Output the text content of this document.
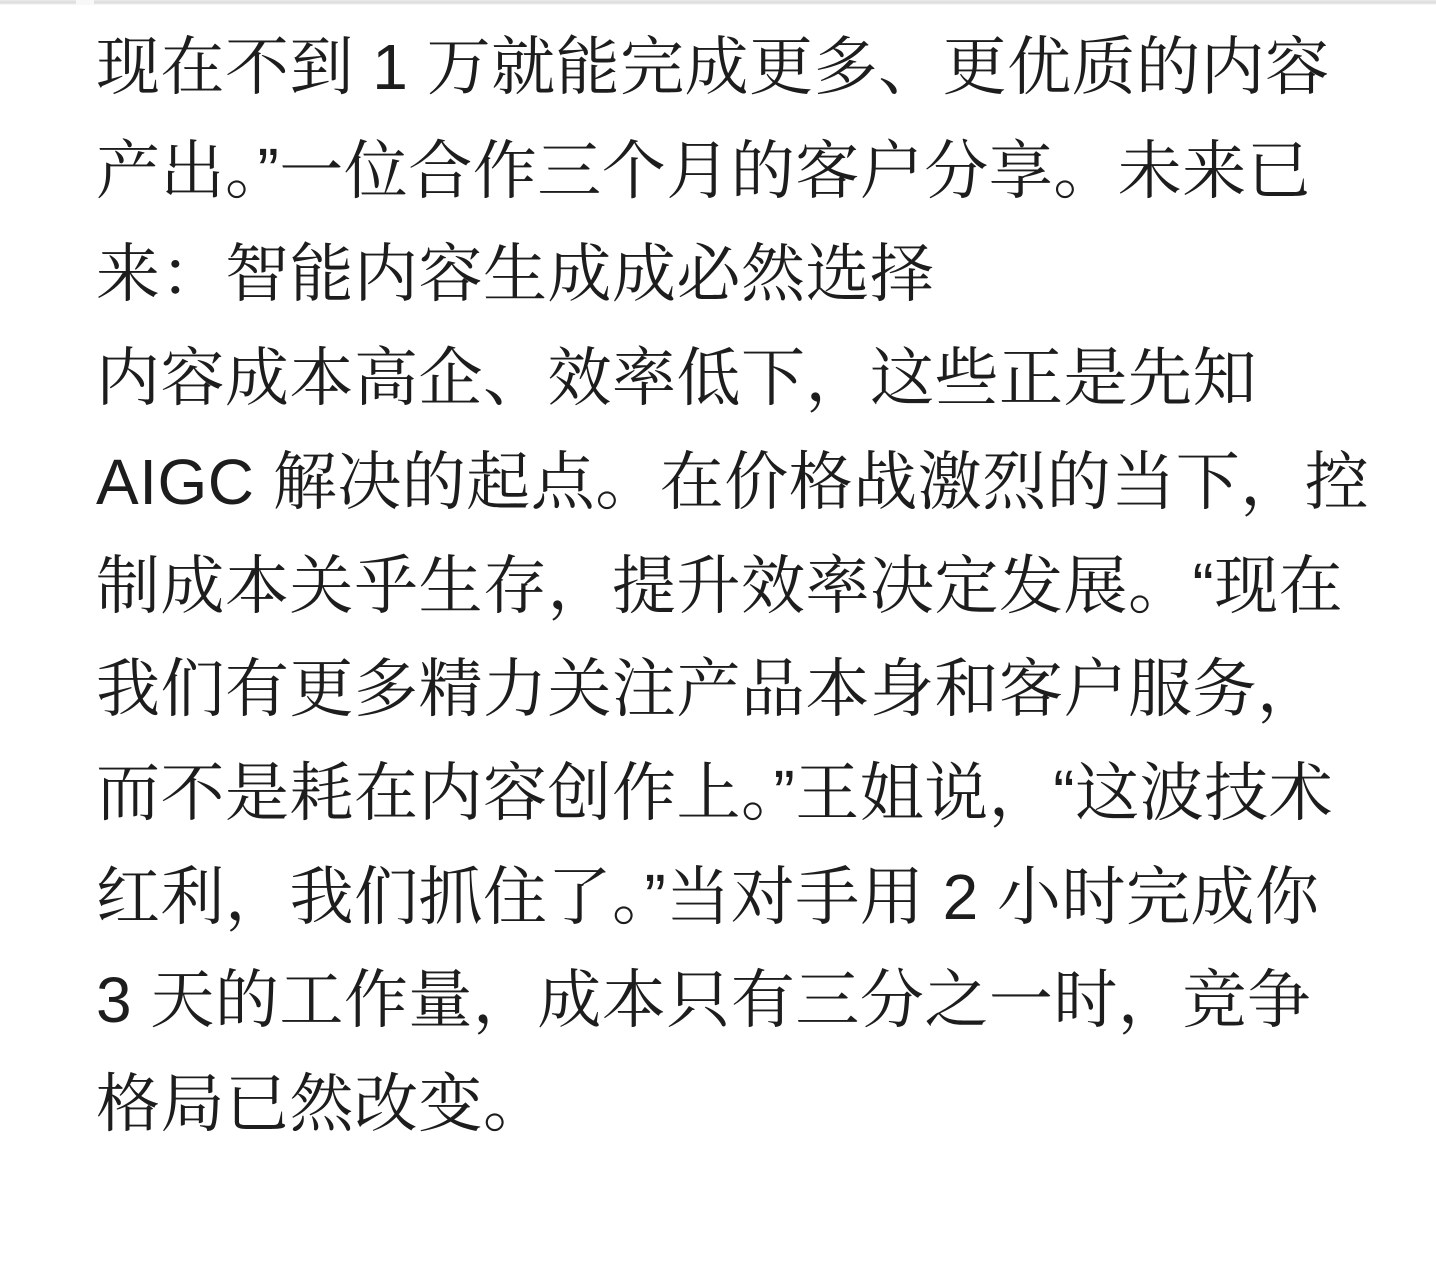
现在不到 1 万就能完成更多、更优质的内容
产出。”一位合作三个月的客户分享。未来已
来：智能内容生成成必然选择
内容成本高企、效率低下，这些正是先知
AIGC 解决的起点。在价格战激烈的当下，控
制成本关乎生存，提升效率决定发展。“现在
我们有更多精力关注产品本身和客户服务，
而不是耗在内容创作上。”王姐说，“这波技术
红利，我们抓住了。”当对手用 2 小时完成你
3 天的工作量，成本只有三分之一时，竞争
格局已然改变。
